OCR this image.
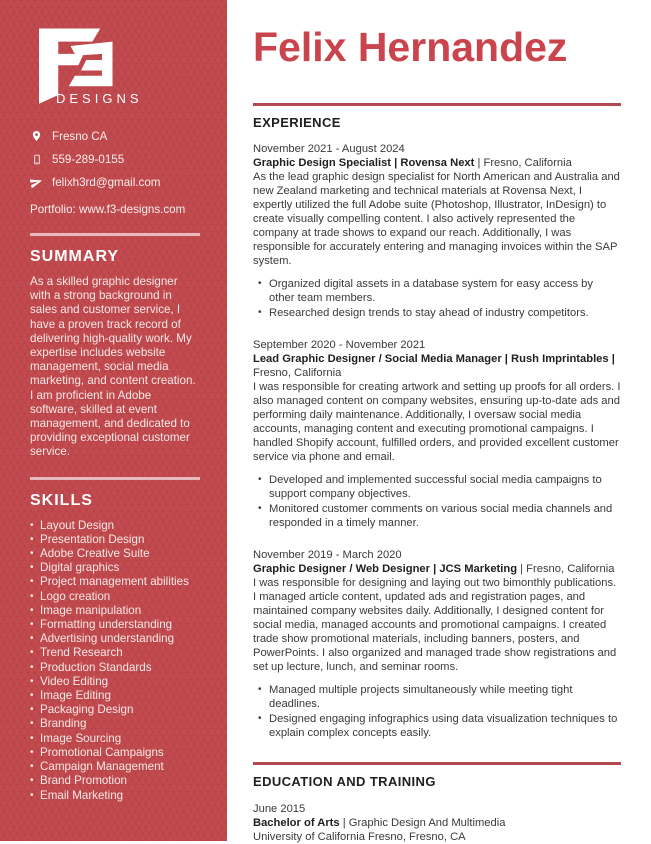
DESIGNS
Fresno CA
559-289-0155
felixh3rd@gmail.com
Portfolio: www.f3-designs.com
SUMMARY

As a skilled graphic designer with a strong background in sales and customer service, I have a proven track record of delivering high-quality work. My expertise includes website management, social media marketing, and content creation. I am proficient in Adobe software, skilled at event management, and dedicated to providing exceptional customer service.

SKILLS
• Layout Design
• Presentation Design
• Adobe Creative Suite
• Digital graphics
• Project management abilities
• Logo creation
• Image manipulation
• Formatting understanding
• Advertising understanding
• Trend Research
• Production Standards
• Video Editing
• Image Editing
• Packaging Design
• Branding
• Image Sourcing
• Promotional Campaigns
• Campaign Management
• Brand Promotion
• Email Marketing
Felix Hernandez
EXPERIENCE
November 2021 - August 2024
Graphic Design Specialist | Rovensa Next | Fresno, California

As the lead graphic design specialist for North American and Australia and new Zealand marketing and technical materials at Rovensa Next, I expertly utilized the full Adobe suite (Photoshop, Illustrator, InDesign) to create visually compelling content. I also actively represented the company at trade shows to expand our reach. Additionally, I was responsible for accurately entering and managing invoices within the SAP system.

• Organized digital assets in a database system for easy access by other team members.
• Researched design trends to stay ahead of industry competitors.
September 2020 - November 2021
Lead Graphic Designer / Social Media Manager | Rush Imprintables | Fresno, California

I was responsible for creating artwork and setting up proofs for all orders. I also managed content on company websites, ensuring up-to-date ads and performing daily maintenance. Additionally, I oversaw social media accounts, managing content and executing promotional campaigns. I handled Shopify account, fulfilled orders, and provided excellent customer service via phone and email.

• Developed and implemented successful social media campaigns to support company objectives.
• Monitored customer comments on various social media channels and responded in a timely manner.
November 2019 - March 2020
Graphic Designer / Web Designer | JCS Marketing | Fresno, California

I was responsible for designing and laying out two bimonthly publications. I managed article content, updated ads and registration pages, and maintained company websites daily. Additionally, I designed content for social media, managed accounts and promotional campaigns. I created trade show promotional materials, including banners, posters, and PowerPoints. I also organized and managed trade show registrations and set up lecture, lunch, and seminar rooms.

• Managed multiple projects simultaneously while meeting tight deadlines.
• Designed engaging infographics using data visualization techniques to explain complex concepts easily.
EDUCATION AND TRAINING
June 2015
Bachelor of Arts | Graphic Design And Multimedia
University of California Fresno, Fresno, CA
